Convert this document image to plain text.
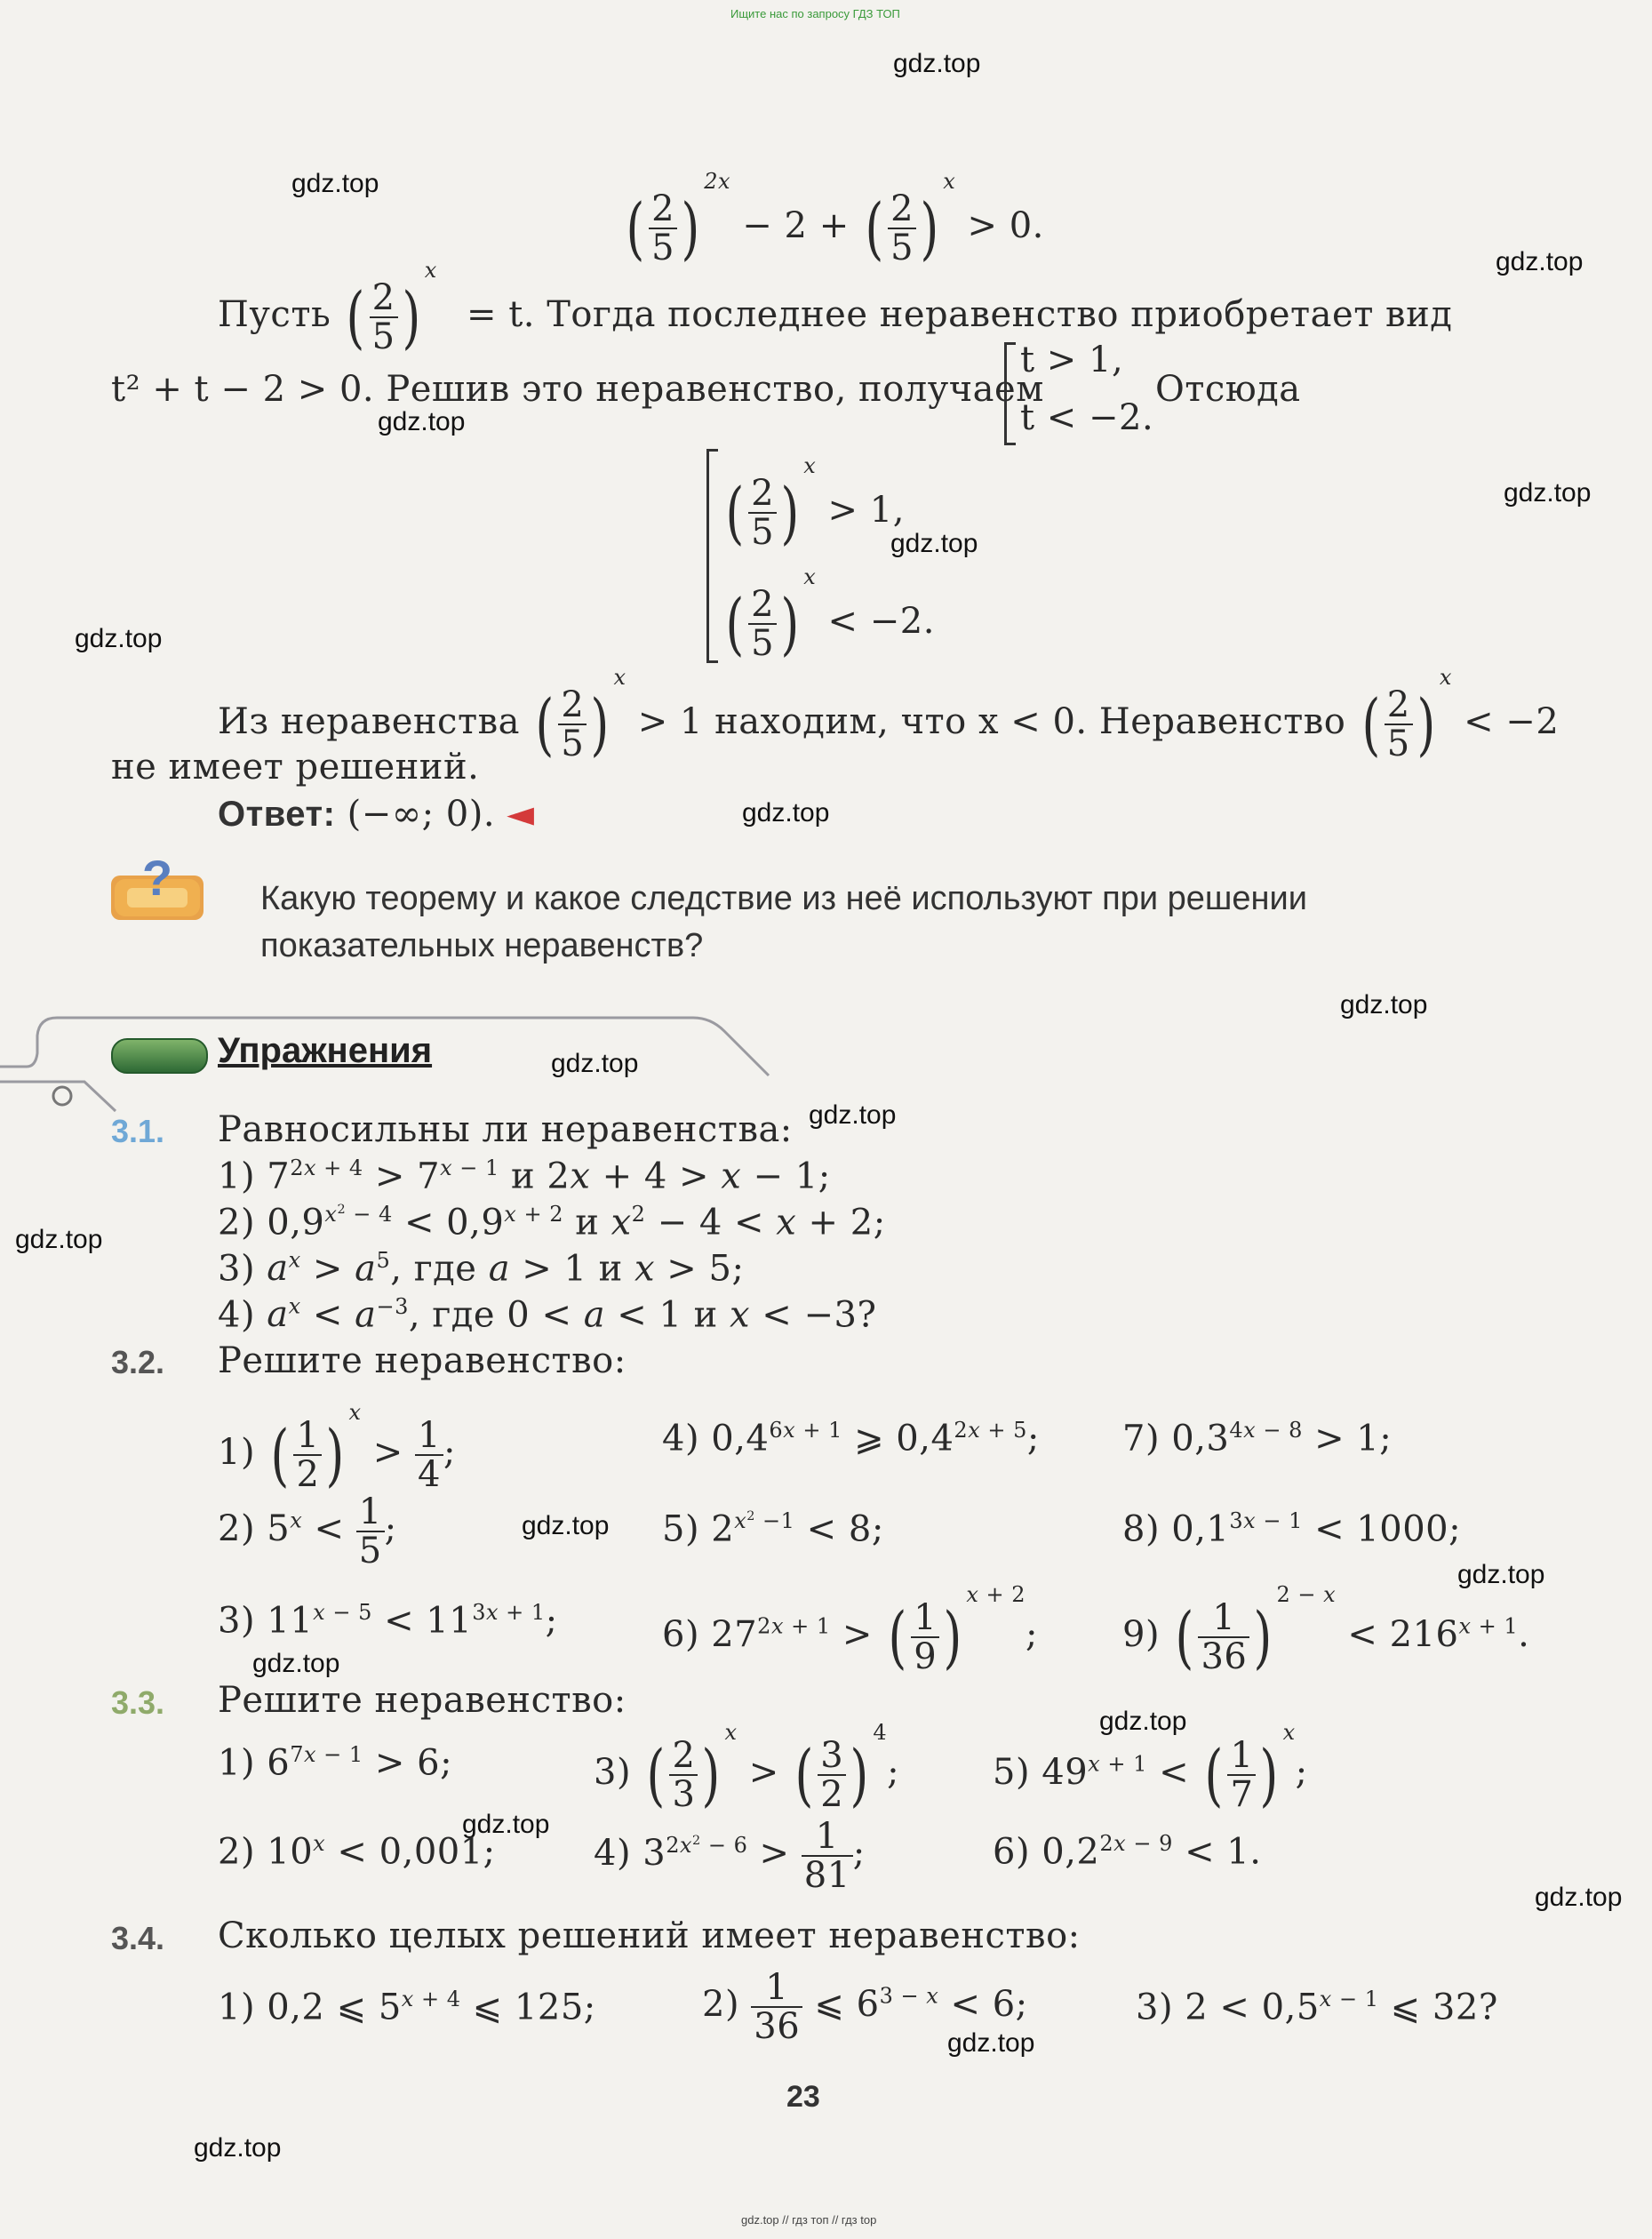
Ищите нас по запросу ГДЗ ТОП
gdz.top
gdz.top
gdz.top
gdz.top
gdz.top
gdz.top
gdz.top
gdz.top
gdz.top
gdz.top
gdz.top
gdz.top
gdz.top
gdz.top
gdz.top
gdz.top
gdz.top
gdz.top
gdz.top
gdz.top
( $\frac{2}{5} )^{2x} - 2$ + ( $\frac{2}{5} )^x > 0$.
Пусть ( $\frac{2}{5} )^x = t$. Тогда последнее неравенство приобретает вид
t² + t − 2 > 0. Решив это неравенство, получаем
t > 1,
t < −2.
Отсюда
( $\frac{2}{5} )^x > 1$,
( $\frac{2}{5} )^x < -2$.
Из неравенства ( $\frac{2}{5} )^x > 1$ находим, что x < 0. Неравенство ( $\frac{2}{5} )^x < -2$
не имеет решений.
Ответ: (−∞; 0). ◄
?	Какую теорему и какое следствие из неё используют при решении
показательных неравенств?
Упражнения
3.1. Равносильны ли неравенства:
1) $7^{2x + 4} > 7^{x - 1}$ и 2x + 4 > x − 1;
2) $0,9^{x^2 - 4} < 0,9^{x + 2}$ и $x^2 - 4 < x + 2$;
3) $a^x > a^5$, где a > 1 и x > 5;
4) $a^x < a^{-3}$, где 0 < a < 1 и x < −3?
3.2. Решите неравенство:
1) ( $\frac{1}{2} )^x > \frac{1}{4}$ ;	4) $0,4^{6x + 1}$ ⩾ $0,4^{2x + 5}$; 7) $0,3^{4x - 8} > 1$;
2) $5^x < \frac{1}{5}$ ;	5) $2^{x^2 -1} < 8$;	8) $0,1^{3x - 1} < 1000$;
3) $11^{x - 5} < 11^{3x + 1}$;	6) $27^{2x + 1}$ > ( $\frac{1}{9} )^{x + 2}$; 9) ( $\frac{1}{36} )^{2 - x} < 216^{x + 1}$.
3.3. Решите неравенство:
1) $6^{7x - 1} > 6$;	3) ( $\frac{2}{3} )^x$ > ( $\frac{3}{2} )^4$;	5) $49^{x + 1}$ < ( $\frac{1}{7} )^x$;
2) $10^x < 0,001$;	4) $3^{2x^2 - 6} > \frac{1}{81}$ ;	6) $0,2^{2x - 9} < 1$.
3.4. Сколько целых решений имеет неравенство:
1) 0,2 ⩽ $5^{x + 4}$ ⩽ 125;	$2) \frac{1}{36}$ ⩽ $6^{3 - x} < 6$;	3) $2 < 0,5^{x - 1}$ ⩽ 32?
23
gdz.top // гдз топ // гдз top
